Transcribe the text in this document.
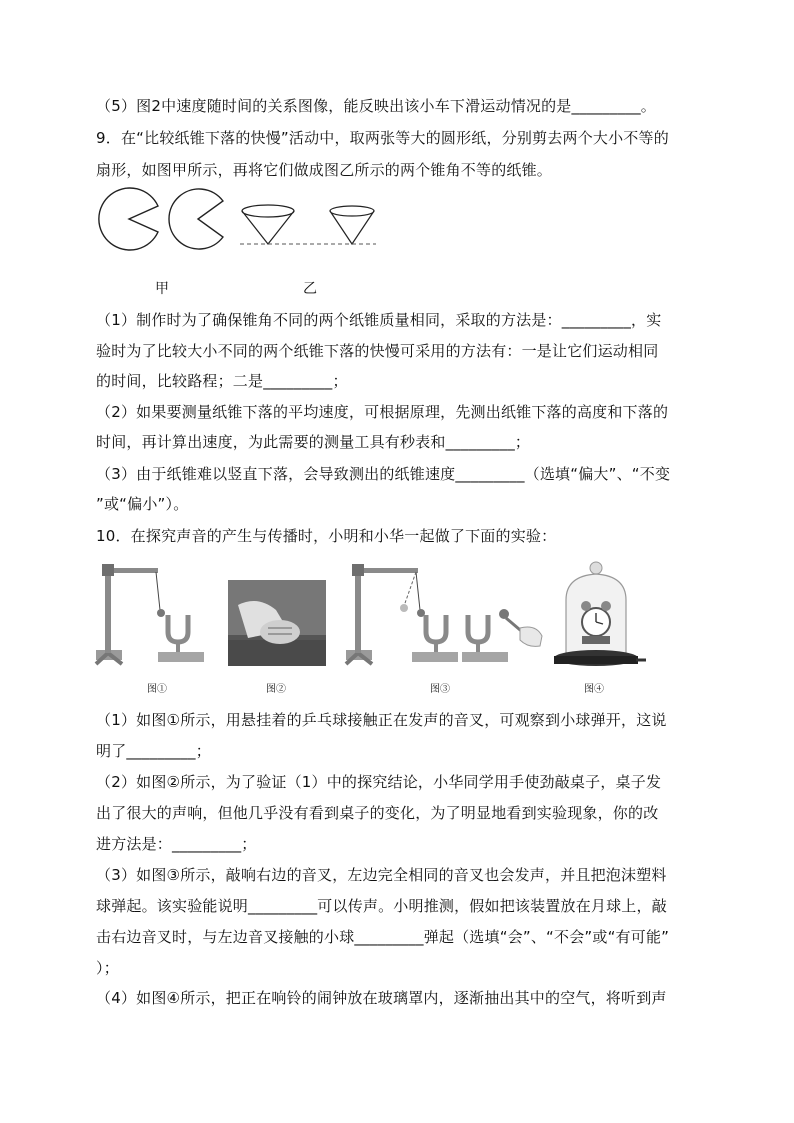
（5）图2中速度随时间的关系图像，能反映出该小车下滑运动情况的是_________。
9．在“比较纸锥下落的快慢”活动中，取两张等大的圆形纸，分别剪去两个大小不等的
扇形，如图甲所示，再将它们做成图乙所示的两个锥角不等的纸锥。
甲	乙
（1）制作时为了确保锥角不同的两个纸锥质量相同，采取的方法是：_________，实
验时为了比较大小不同的两个纸锥下落的快慢可采用的方法有：一是让它们运动相同
的时间，比较路程；二是_________；
（2）如果要测量纸锥下落的平均速度，可根据原理，先测出纸锥下落的高度和下落的
时间，再计算出速度，为此需要的测量工具有秒表和_________；
（3）由于纸锥难以竖直下落，会导致测出的纸锥速度_________（选填“偏大”、“不变
”或“偏小”）。
10．在探究声音的产生与传播时，小明和小华一起做了下面的实验：
图①	图②	图③	图④
（1）如图①所示，用悬挂着的乒乓球接触正在发声的音叉，可观察到小球弹开，这说
明了_________；
（2）如图②所示，为了验证（1）中的探究结论，小华同学用手使劲敲桌子，桌子发
出了很大的声响，但他几乎没有看到桌子的变化，为了明显地看到实验现象，你的改
进方法是：_________；
（3）如图③所示，敲响右边的音叉，左边完全相同的音叉也会发声，并且把泡沫塑料
球弹起。该实验能说明_________可以传声。小明推测，假如把该装置放在月球上，敲
击右边音叉时，与左边音叉接触的小球_________弹起（选填“会”、“不会”或“有可能”
）；
（4）如图④所示，把正在响铃的闹钟放在玻璃罩内，逐渐抽出其中的空气，将听到声
